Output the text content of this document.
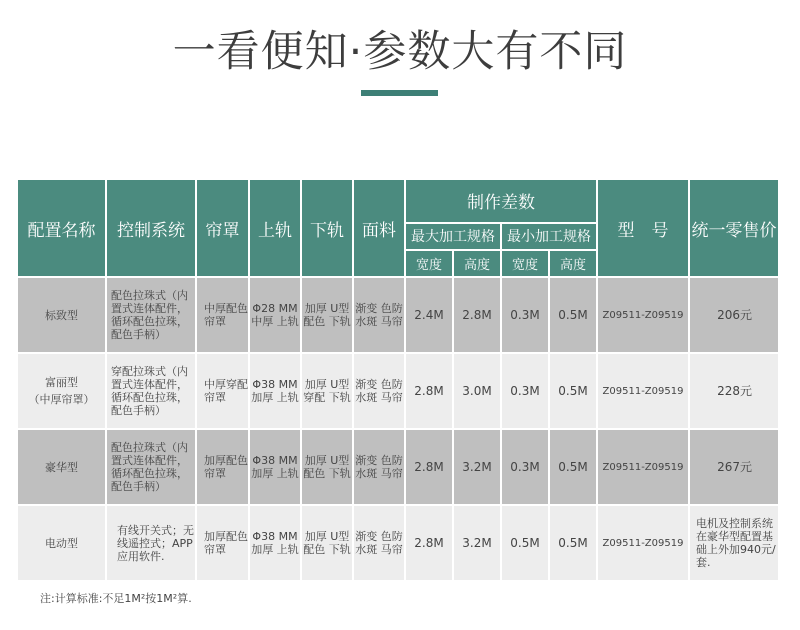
一看便知·参数大有不同
配置名称	控制系统	帘罩	上轨	下轨	面料	制作差数				型　号	统一零售价
						最大加工规格		最小加工规格			
						宽度	高度	宽度	高度		
标致型	配色拉珠式（内置式连体配件，循环配色拉珠，配色手柄）	中厚配色帘罩	Φ28 MM 中厚 上轨	加厚 U型 配色 下轨	渐变 色防 水斑 马帘	2.4M	2.8M	0.3M	0.5M	Z09511-Z09519	206元

富丽型
（中厚帘罩）	穿配拉珠式（内置式连体配件，循环配色拉珠，配色手柄）	中厚穿配帘罩	Φ38 MM 加厚 上轨	加厚 U型 穿配 下轨	渐变 色防 水斑 马帘	2.8M	3.0M	0.3M	0.5M	Z09511-Z09519	228元
豪华型	配色拉珠式（内置式连体配件，循环配色拉珠，配色手柄）	加厚配色帘罩	Φ38 MM 加厚 上轨	加厚 U型 配色 下轨	渐变 色防 水斑 马帘	2.8M	3.2M	0.3M	0.5M	Z09511-Z09519	267元
电动型	有线开关式；无线遥控式；APP应用软件.	加厚配色帘罩	Φ38 MM 加厚 上轨	加厚 U型 配色 下轨	渐变 色防 水斑 马帘	2.8M	3.2M	0.5M	0.5M	Z09511-Z09519	电机及控制系统在豪华型配置基础上外加940元/套.
注:计算标准:不足1M²按1M²算.
